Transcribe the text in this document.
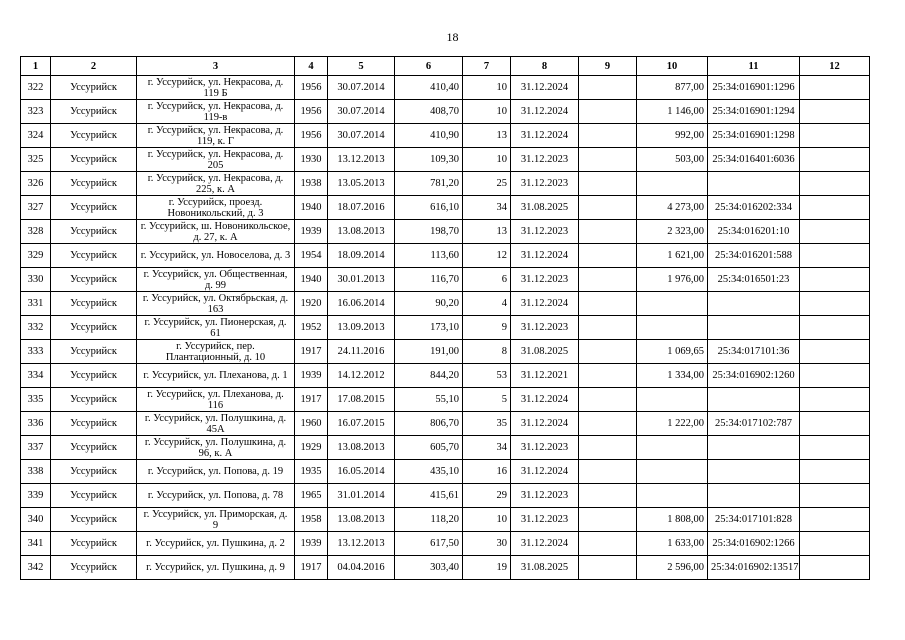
18
1	2	3	4	5	6	7	8	9	10	11	12
322	Уссурийск	г. Уссурийск, ул. Некрасова, д. 119 Б	1956	30.07.2014	410,40	10	31.12.2024		877,00	25:34:016901:1296	
323	Уссурийск	г. Уссурийск, ул. Некрасова, д. 119-в	1956	30.07.2014	408,70	10	31.12.2024		1 146,00	25:34:016901:1294	
324	Уссурийск	г. Уссурийск, ул. Некрасова, д. 119, к. Г	1956	30.07.2014	410,90	13	31.12.2024		992,00	25:34:016901:1298	
325	Уссурийск	г. Уссурийск, ул. Некрасова, д. 205	1930	13.12.2013	109,30	10	31.12.2023		503,00	25:34:016401:6036	
326	Уссурийск	г. Уссурийск, ул. Некрасова, д. 225, к. А	1938	13.05.2013	781,20	25	31.12.2023				
327	Уссурийск	г. Уссурийск, проезд. Новоникольский, д. 3	1940	18.07.2016	616,10	34	31.08.2025		4 273,00	25:34:016202:334	
328	Уссурийск	г. Уссурийск, ш. Новоникольское, д. 27, к. А	1939	13.08.2013	198,70	13	31.12.2023		2 323,00	25:34:016201:10	
329	Уссурийск	г. Уссурийск, ул. Новоселова, д. 3	1954	18.09.2014	113,60	12	31.12.2024		1 621,00	25:34:016201:588	
330	Уссурийск	г. Уссурийск, ул. Общественная, д. 99	1940	30.01.2013	116,70	6	31.12.2023		1 976,00	25:34:016501:23	
331	Уссурийск	г. Уссурийск, ул. Октябрьская, д. 163	1920	16.06.2014	90,20	4	31.12.2024				
332	Уссурийск	г. Уссурийск, ул. Пионерская, д. 61	1952	13.09.2013	173,10	9	31.12.2023				
333	Уссурийск	г. Уссурийск, пер. Плантационный, д. 10	1917	24.11.2016	191,00	8	31.08.2025		1 069,65	25:34:017101:36	
334	Уссурийск	г. Уссурийск, ул. Плеханова, д. 1	1939	14.12.2012	844,20	53	31.12.2021		1 334,00	25:34:016902:1260	
335	Уссурийск	г. Уссурийск, ул. Плеханова, д. 116	1917	17.08.2015	55,10	5	31.12.2024				
336	Уссурийск	г. Уссурийск, ул. Полушкина, д. 45А	1960	16.07.2015	806,70	35	31.12.2024		1 222,00	25:34:017102:787	
337	Уссурийск	г. Уссурийск, ул. Полушкина, д. 96, к. А	1929	13.08.2013	605,70	34	31.12.2023				
338	Уссурийск	г. Уссурийск, ул. Попова, д. 19	1935	16.05.2014	435,10	16	31.12.2024				
339	Уссурийск	г. Уссурийск, ул. Попова, д. 78	1965	31.01.2014	415,61	29	31.12.2023				
340	Уссурийск	г. Уссурийск, ул. Приморская, д. 9	1958	13.08.2013	118,20	10	31.12.2023		1 808,00	25:34:017101:828	
341	Уссурийск	г. Уссурийск, ул. Пушкина, д. 2	1939	13.12.2013	617,50	30	31.12.2024		1 633,00	25:34:016902:1266	
342	Уссурийск	г. Уссурийск, ул. Пушкина, д. 9	1917	04.04.2016	303,40	19	31.08.2025		2 596,00	25:34:016902:13517	
